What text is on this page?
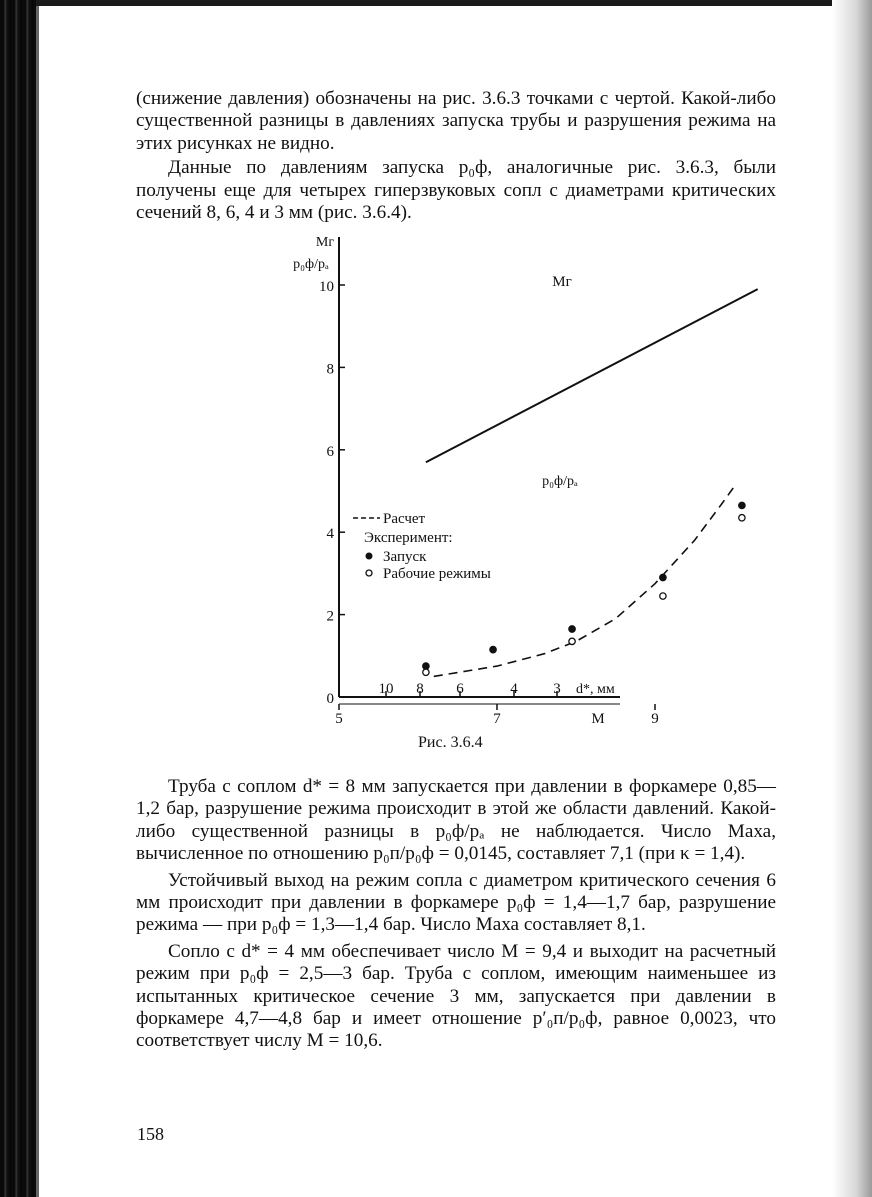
(снижение давления) обозначены на рис. 3.6.3 точками с чертой. Какой-либо существенной разницы в давлениях запуска трубы и разрушения режима на этих рисунках не видно.

Данные по давлениям запуска p₀ф, аналогичные рис. 3.6.3, были получены еще для четырех гиперзвуковых сопл с диаметрами критических сечений 8, 6, 4 и 3 мм (рис. 3.6.4).

0
2
4
6
8
10
Mг
p₀ф/pₐ
10 8 6	4 3 d*, мм
5	7	9
M
Mг
p₀ф/pₐ
Расчет
Эксперимент:
Запуск
Рабочие режимы
Рис. 3.6.4

Труба с соплом d* = 8 мм запускается при давлении в форкамере 0,85—1,2 бар, разрушение режима происходит в этой же области давлений. Какой-либо существенной разницы в p₀ф/pₐ не наблюдается. Число Маха, вычисленное по отношению p₀п/p₀ф = 0,0145, составляет 7,1 (при κ = 1,4).

Устойчивый выход на режим сопла с диаметром критического сечения 6 мм происходит при давлении в форкамере p₀ф = 1,4—1,7 бар, разрушение режима — при p₀ф = 1,3—1,4 бар. Число Маха составляет 8,1.

Сопло с d* = 4 мм обеспечивает число M = 9,4 и выходит на расчетный режим при p₀ф = 2,5—3 бар. Труба с соплом, имеющим наименьшее из испытанных критическое сечение 3 мм, запускается при давлении в форкамере 4,7—4,8 бар и имеет отношение p′₀п/p₀ф, равное 0,0023, что соответствует числу M = 10,6.

158
